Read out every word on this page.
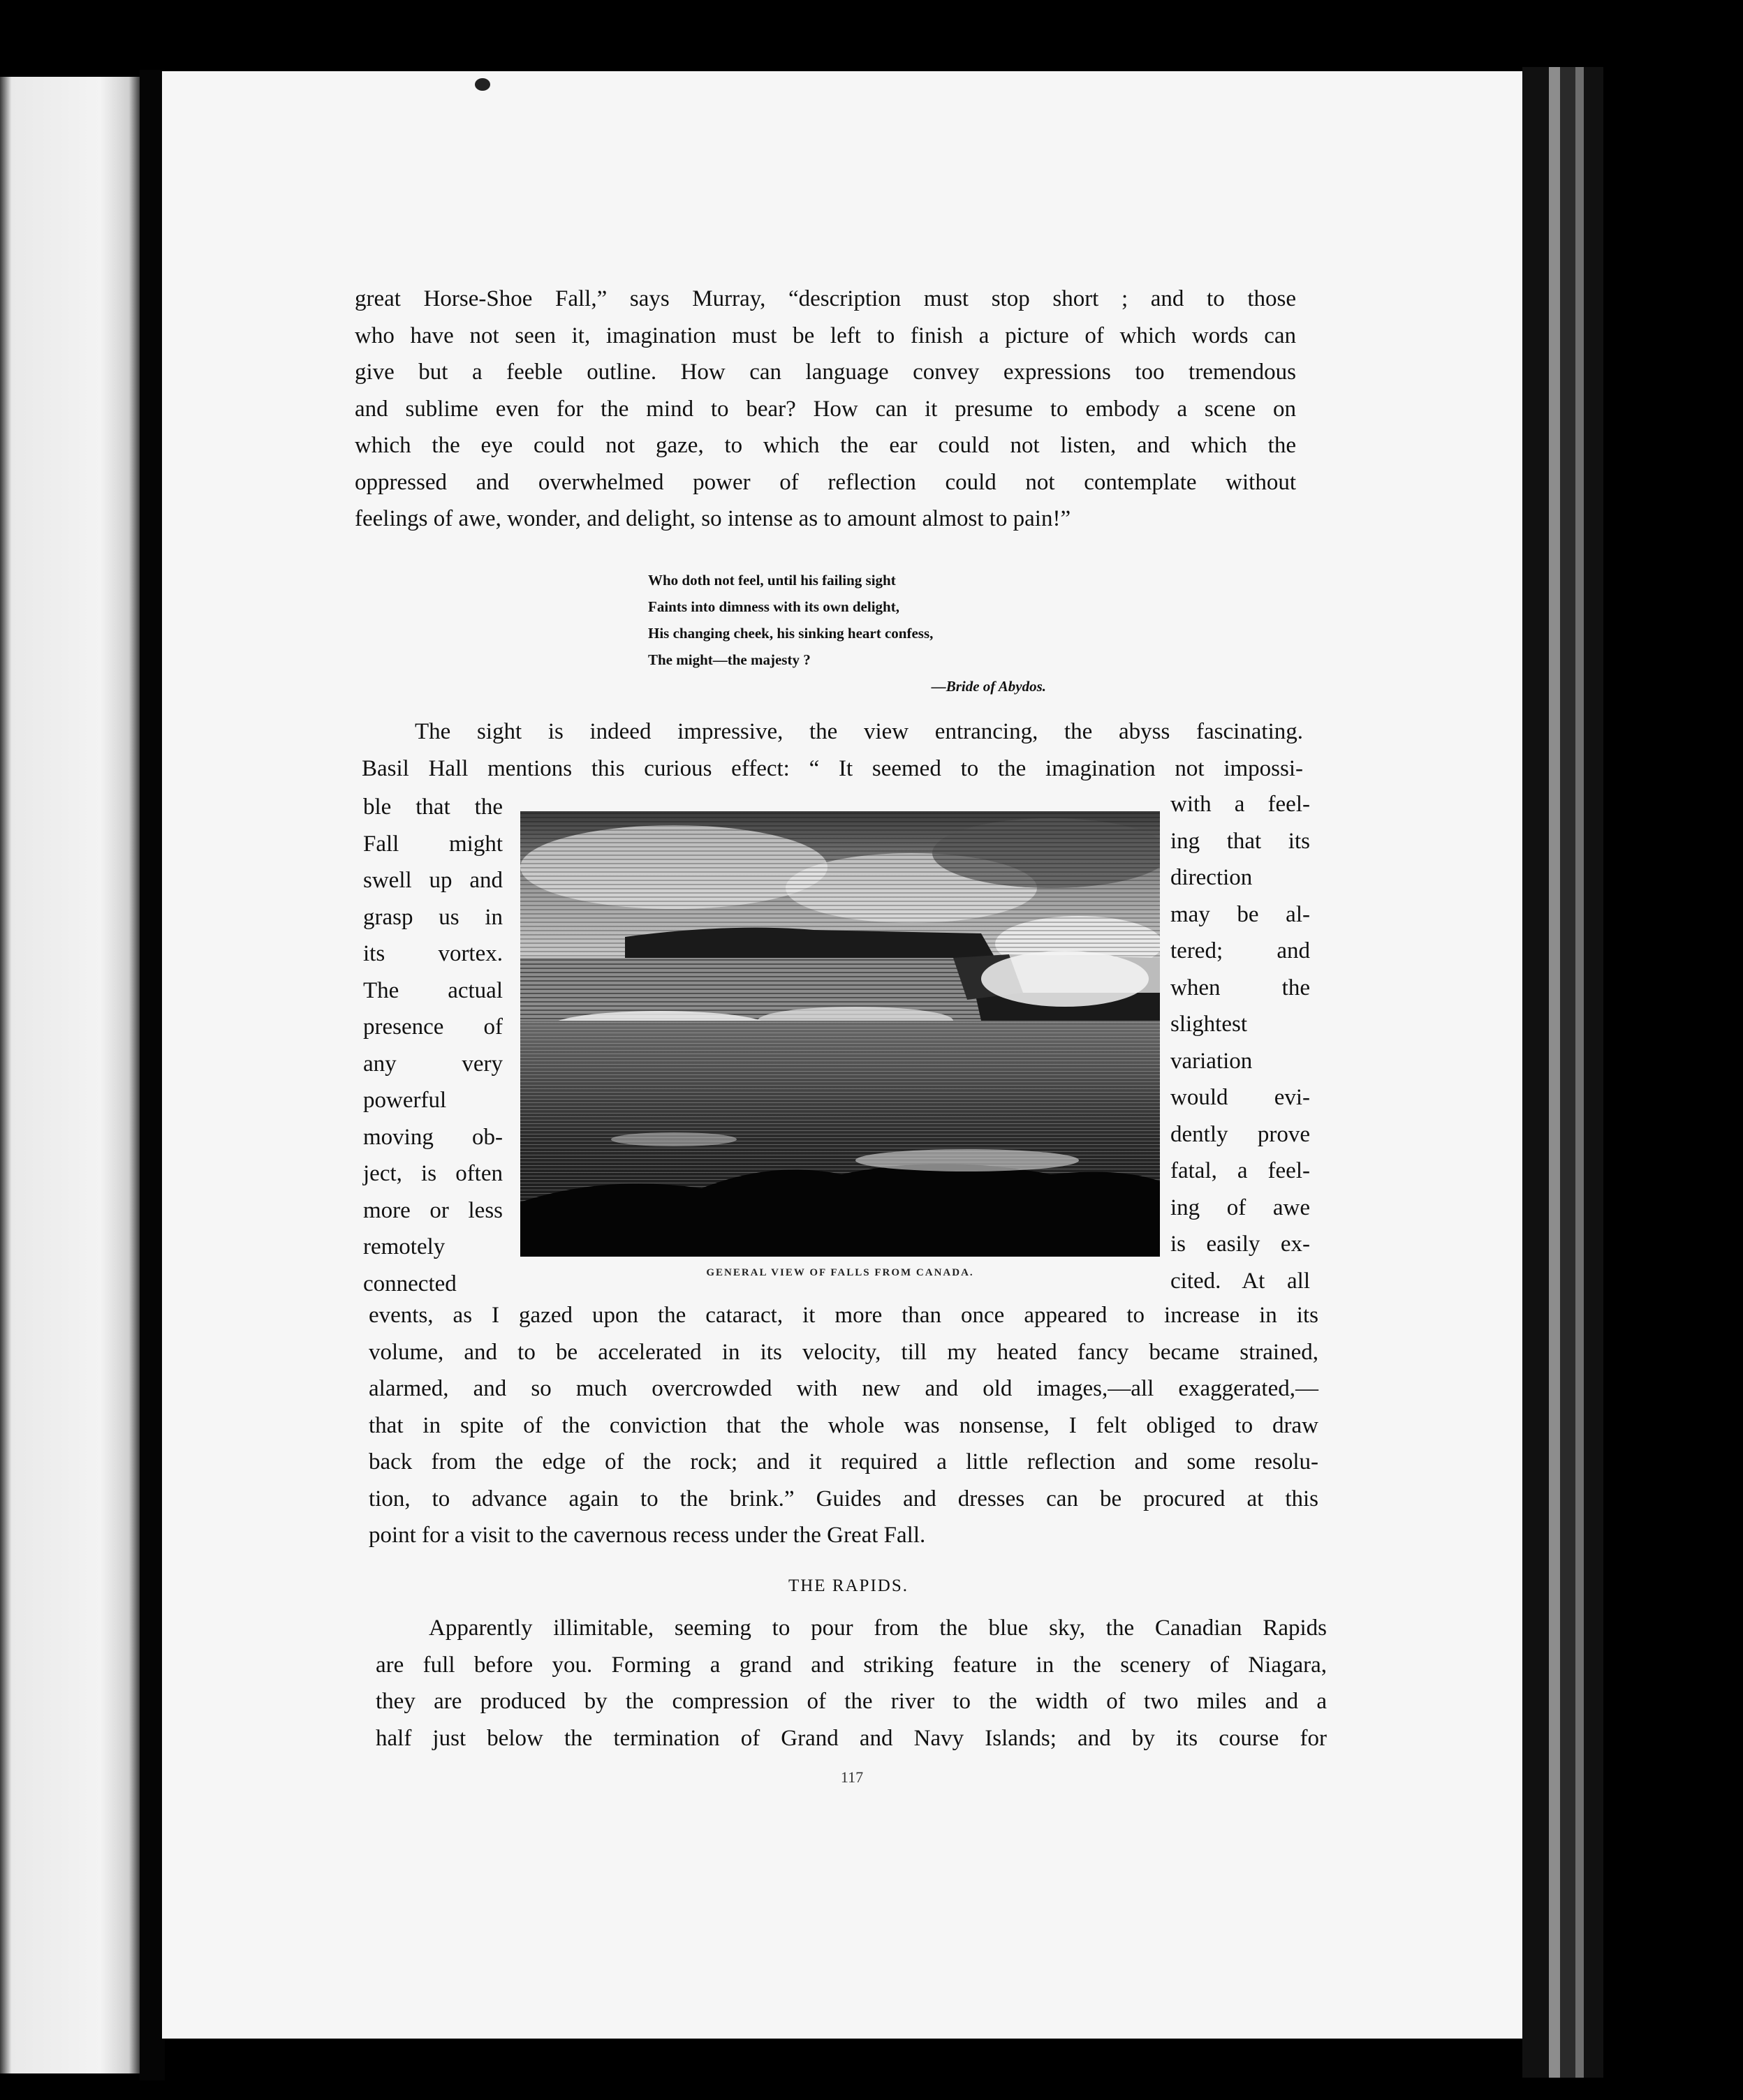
great Horse-Shoe Fall,” says Murray, “description must stop short ; and to those
who have not seen it, imagination must be left to finish a picture of which words can
give but a feeble outline. How can language convey expressions too tremendous
and sublime even for the mind to bear? How can it presume to embody a scene on
which the eye could not gaze, to which the ear could not listen, and which the
oppressed and overwhelmed power of reflection could not contemplate without
feelings of awe, wonder, and delight, so intense as to amount almost to pain!”

Who doth not feel, until his failing sight
Faints into dimness with its own delight,
His changing cheek, his sinking heart confess,
The might—the majesty ?
—Bride of Abydos.

The sight is indeed impressive, the view entrancing, the abyss fascinating.
Basil Hall mentions this curious effect: “ It seemed to the imagination not impossi-

ble that the
Fall might
swell up and
grasp us in
its vortex.
The actual
presence of
any very
powerful
moving ob-
ject, is often
more or less
remotely
connected	GENERAL VIEW OF FALLS FROM CANADA.
with a feel-
ing that its
direction
may be al-
tered; and
when the
slightest
variation
would evi-
dently prove
fatal, a feel-
ing of awe
is easily ex-
cited. At all

events, as I gazed upon the cataract, it more than once appeared to increase in its
volume, and to be accelerated in its velocity, till my heated fancy became strained,
alarmed, and so much overcrowded with new and old images,—all exaggerated,—
that in spite of the conviction that the whole was nonsense, I felt obliged to draw
back from the edge of the rock; and it required a little reflection and some resolu-
tion, to advance again to the brink.” Guides and dresses can be procured at this
point for a visit to the cavernous recess under the Great Fall.

THE RAPIDS.

Apparently illimitable, seeming to pour from the blue sky, the Canadian Rapids
are full before you. Forming a grand and striking feature in the scenery of Niagara,
they are produced by the compression of the river to the width of two miles and a
half just below the termination of Grand and Navy Islands; and by its course for

117
